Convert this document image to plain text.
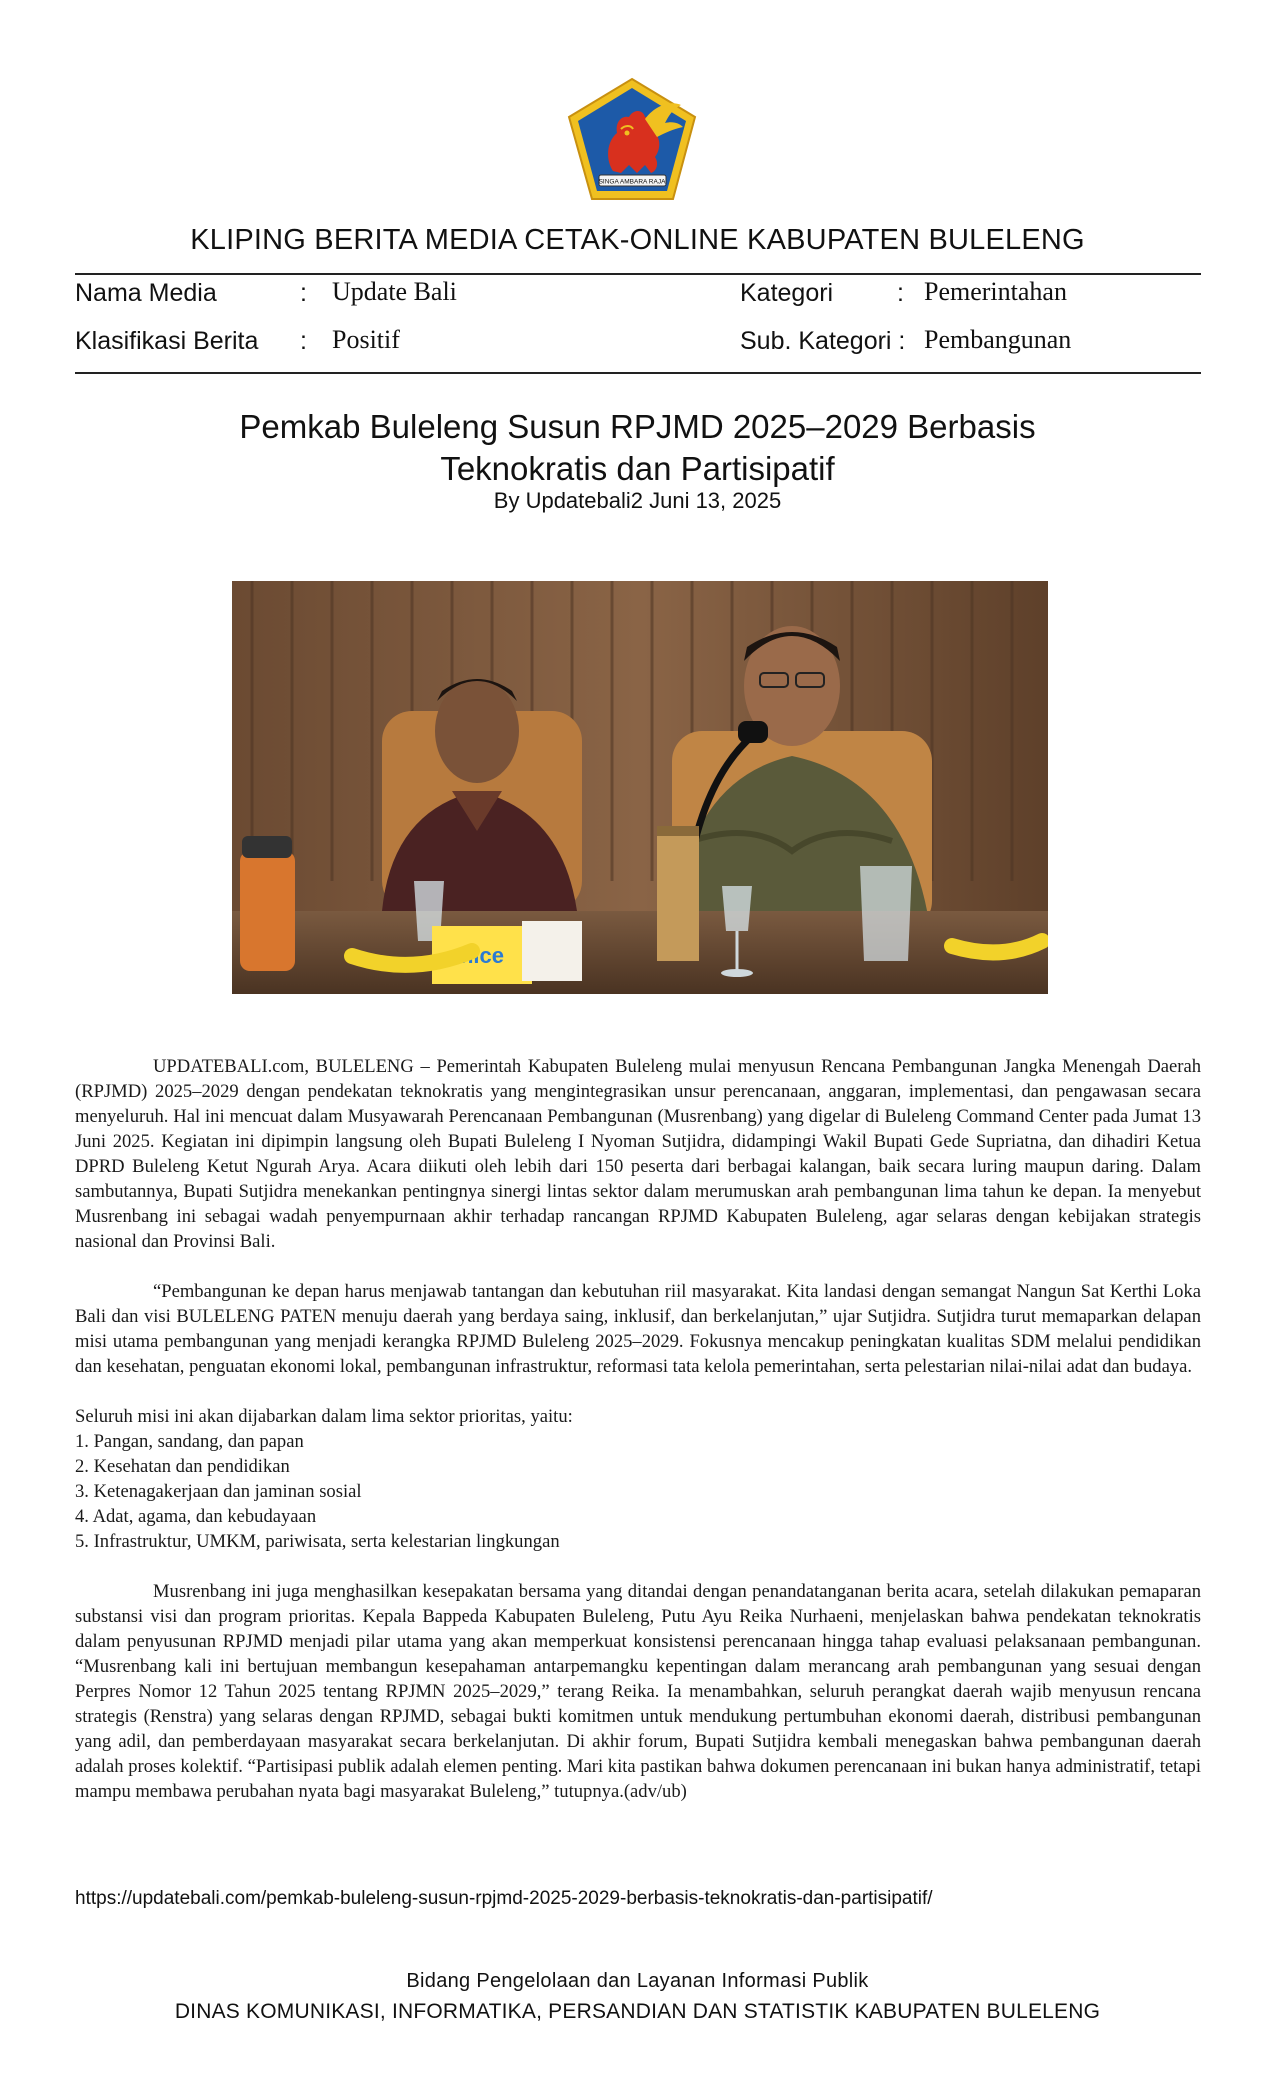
SINGA AMBARA RAJA
KLIPING BERITA MEDIA CETAK-ONLINE KABUPATEN BULELENG
Nama Media	: Update Bali	Kategori	: Pemerintahan
Klasifikasi Berita : Positif	Sub. Kategori : Pembangunan
Pemkab Buleleng Susun RPJMD 2025–2029 Berbasis
Teknokratis dan Partisipatif
By Updatebali2 Juni 13, 2025
nice

UPDATEBALI.com, BULELENG – Pemerintah Kabupaten Buleleng mulai menyusun Rencana Pembangunan Jangka Menengah Daerah (RPJMD) 2025–2029 dengan pendekatan teknokratis yang mengintegrasikan unsur perencanaan, anggaran, implementasi, dan pengawasan secara menyeluruh. Hal ini mencuat dalam Musyawarah Perencanaan Pembangunan (Musrenbang) yang digelar di Buleleng Command Center pada Jumat 13 Juni 2025. Kegiatan ini dipimpin langsung oleh Bupati Buleleng I Nyoman Sutjidra, didampingi Wakil Bupati Gede Supriatna, dan dihadiri Ketua DPRD Buleleng Ketut Ngurah Arya. Acara diikuti oleh lebih dari 150 peserta dari berbagai kalangan, baik secara luring maupun daring. Dalam sambutannya, Bupati Sutjidra menekankan pentingnya sinergi lintas sektor dalam merumuskan arah pembangunan lima tahun ke depan. Ia menyebut Musrenbang ini sebagai wadah penyempurnaan akhir terhadap rancangan RPJMD Kabupaten Buleleng, agar selaras dengan kebijakan strategis nasional dan Provinsi Bali.

“Pembangunan ke depan harus menjawab tantangan dan kebutuhan riil masyarakat. Kita landasi dengan semangat Nangun Sat Kerthi Loka Bali dan visi BULELENG PATEN menuju daerah yang berdaya saing, inklusif, dan berkelanjutan,” ujar Sutjidra. Sutjidra turut memaparkan delapan misi utama pembangunan yang menjadi kerangka RPJMD Buleleng 2025–2029. Fokusnya mencakup peningkatan kualitas SDM melalui pendidikan dan kesehatan, penguatan ekonomi lokal, pembangunan infrastruktur, reformasi tata kelola pemerintahan, serta pelestarian nilai-nilai adat dan budaya.

Seluruh misi ini akan dijabarkan dalam lima sektor prioritas, yaitu:

1. Pangan, sandang, dan papan
2. Kesehatan dan pendidikan
3. Ketenagakerjaan dan jaminan sosial
4. Adat, agama, dan kebudayaan
5. Infrastruktur, UMKM, pariwisata, serta kelestarian lingkungan

Musrenbang ini juga menghasilkan kesepakatan bersama yang ditandai dengan penandatanganan berita acara, setelah dilakukan pemaparan substansi visi dan program prioritas. Kepala Bappeda Kabupaten Buleleng, Putu Ayu Reika Nurhaeni, menjelaskan bahwa pendekatan teknokratis dalam penyusunan RPJMD menjadi pilar utama yang akan memperkuat konsistensi perencanaan hingga tahap evaluasi pelaksanaan pembangunan. “Musrenbang kali ini bertujuan membangun kesepahaman antarpemangku kepentingan dalam merancang arah pembangunan yang sesuai dengan Perpres Nomor 12 Tahun 2025 tentang RPJMN 2025–2029,” terang Reika. Ia menambahkan, seluruh perangkat daerah wajib menyusun rencana strategis (Renstra) yang selaras dengan RPJMD, sebagai bukti komitmen untuk mendukung pertumbuhan ekonomi daerah, distribusi pembangunan yang adil, dan pemberdayaan masyarakat secara berkelanjutan. Di akhir forum, Bupati Sutjidra kembali menegaskan bahwa pembangunan daerah adalah proses kolektif. “Partisipasi publik adalah elemen penting. Mari kita pastikan bahwa dokumen perencanaan ini bukan hanya administratif, tetapi mampu membawa perubahan nyata bagi masyarakat Buleleng,” tutupnya.(adv/ub)

https://updatebali.com/pemkab-buleleng-susun-rpjmd-2025-2029-berbasis-teknokratis-dan-partisipatif/
Bidang Pengelolaan dan Layanan Informasi Publik
DINAS KOMUNIKASI, INFORMATIKA, PERSANDIAN DAN STATISTIK KABUPATEN BULELENG
